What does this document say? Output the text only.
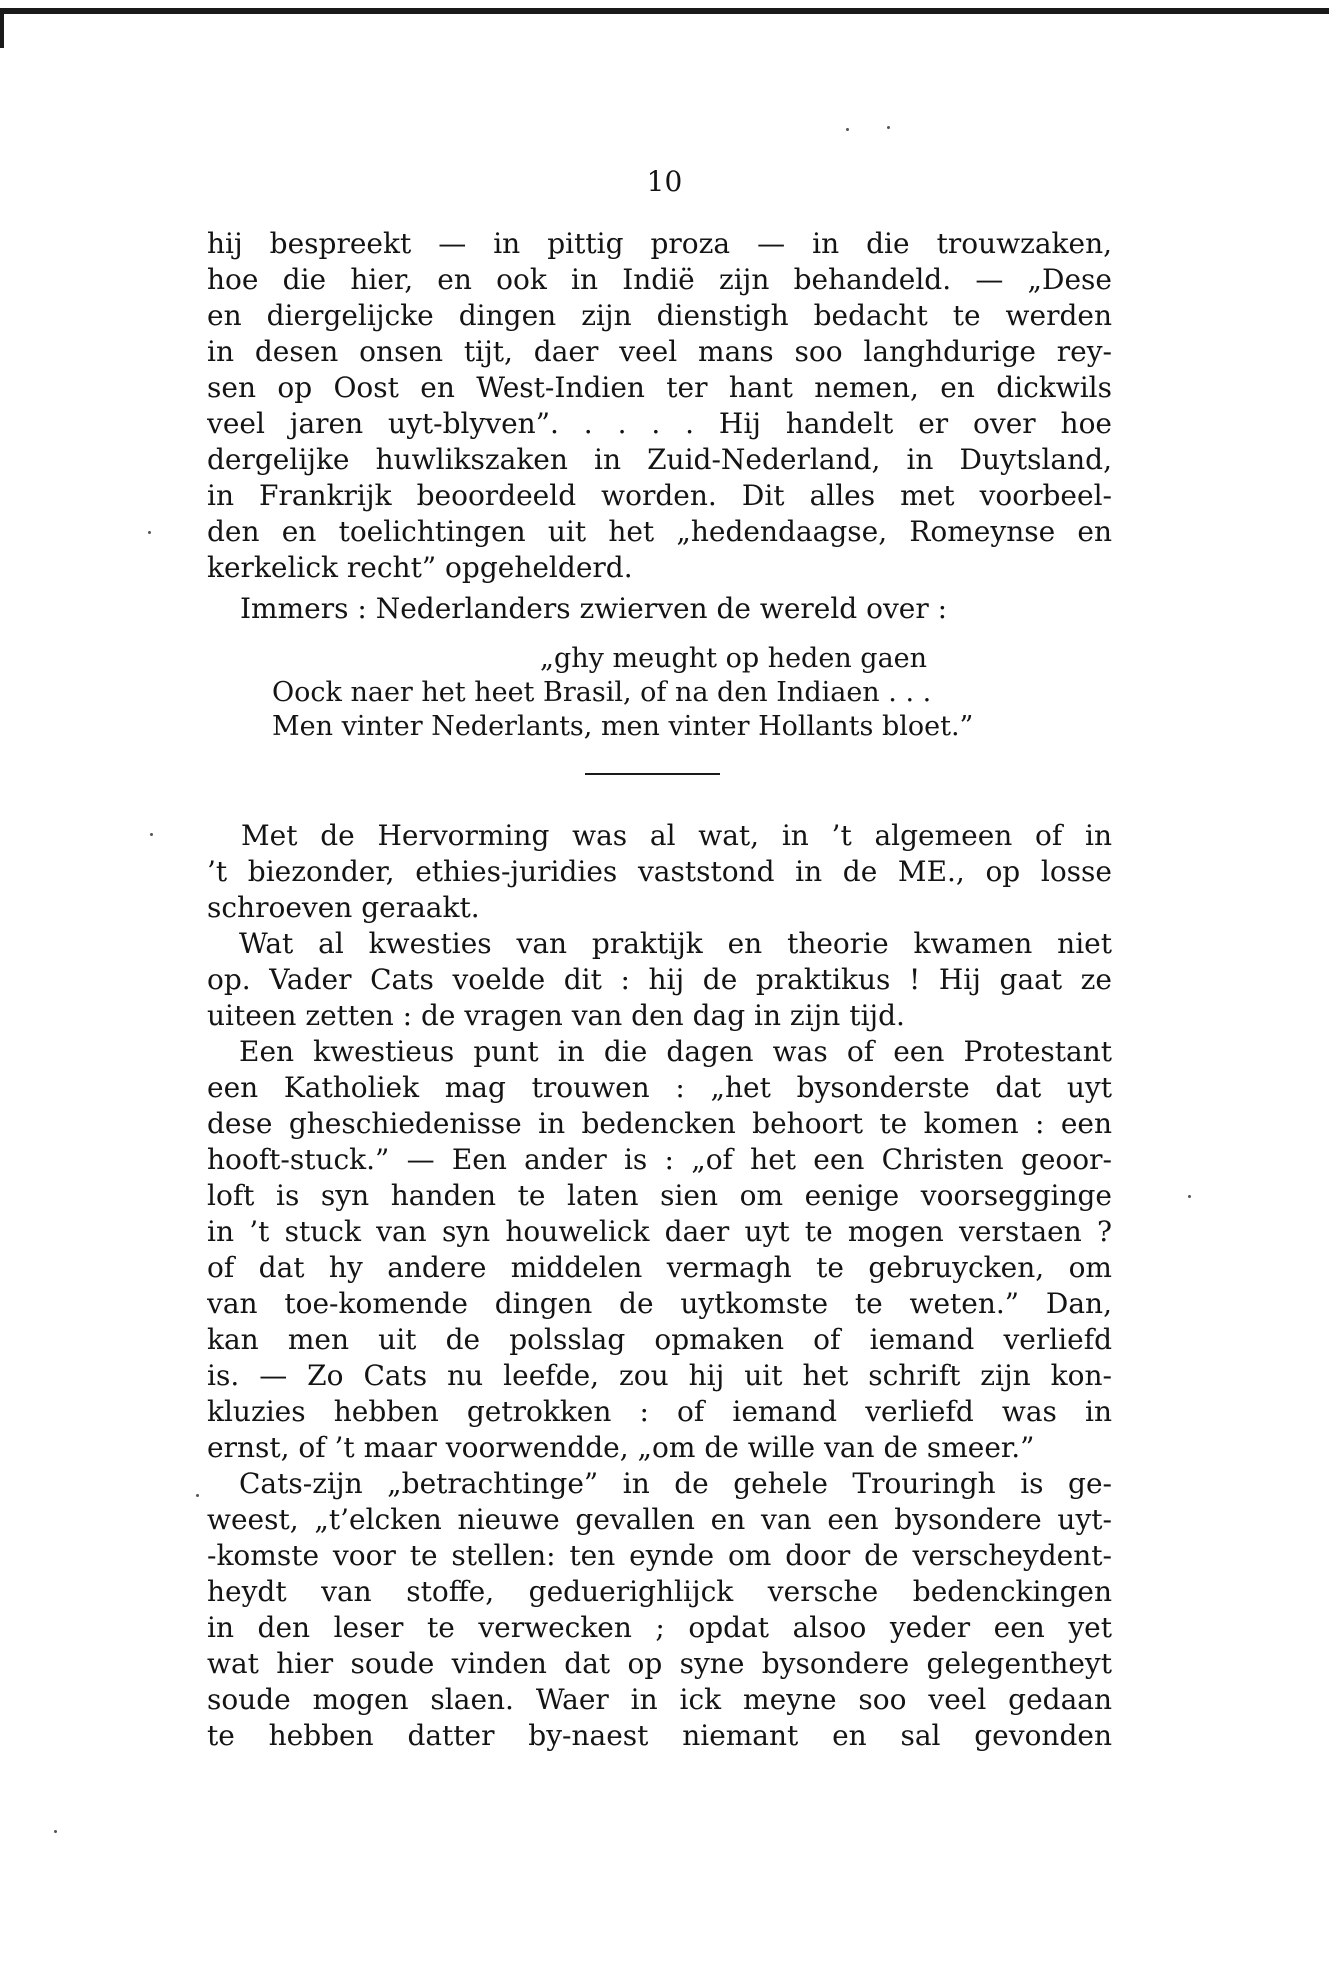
10
hij bespreekt — in pittig proza — in die trouwzaken,
hoe die hier, en ook in Indië zijn behandeld. — „Dese
en diergelijcke dingen zijn dienstigh bedacht te werden
in desen onsen tijt, daer veel mans soo langhdurige rey-
sen op Oost en West-Indien ter hant nemen, en dickwils
veel jaren uyt-blyven”. . . . . Hij handelt er over hoe
dergelijke huwlikszaken in Zuid-Nederland, in Duytsland,
in Frankrijk beoordeeld worden. Dit alles met voorbeel-
den en toelichtingen uit het „hedendaagse, Romeynse en
kerkelick recht” opgehelderd.
Immers : Nederlanders zwierven de wereld over :
„ghy meught op heden gaen
Oock naer het heet Brasil, of na den Indiaen . . .
Men vinter Nederlants, men vinter Hollants bloet.”
Met de Hervorming was al wat, in ’t algemeen of in
’t biezonder, ethies-juridies vaststond in de ME., op losse
schroeven geraakt.
Wat al kwesties van praktijk en theorie kwamen niet
op. Vader Cats voelde dit : hij de praktikus ! Hij gaat ze
uiteen zetten : de vragen van den dag in zijn tijd.
Een kwestieus punt in die dagen was of een Protestant
een Katholiek mag trouwen : „het bysonderste dat uyt
dese gheschiedenisse in bedencken behoort te komen : een
hooft-stuck.” — Een ander is : „of het een Christen geoor-
loft is syn handen te laten sien om eenige voorsegginge
in ’t stuck van syn houwelick daer uyt te mogen verstaen ?
of dat hy andere middelen vermagh te gebruycken, om
van toe-komende dingen de uytkomste te weten.” Dan,
kan men uit de polsslag opmaken of iemand verliefd
is. — Zo Cats nu leefde, zou hij uit het schrift zijn kon-
kluzies hebben getrokken : of iemand verliefd was in
ernst, of ’t maar voorwendde, „om de wille van de smeer.”
Cats-zijn „betrachtinge” in de gehele Trouringh is ge-
weest, „t’elcken nieuwe gevallen en van een bysondere uyt-
-komste voor te stellen: ten eynde om door de verscheydent-
heydt van stoffe, geduerighlijck versche bedenckingen
in den leser te verwecken ; opdat alsoo yeder een yet
wat hier soude vinden dat op syne bysondere gelegentheyt
soude mogen slaen. Waer in ick meyne soo veel gedaan
te hebben datter by-naest niemant en sal gevonden
